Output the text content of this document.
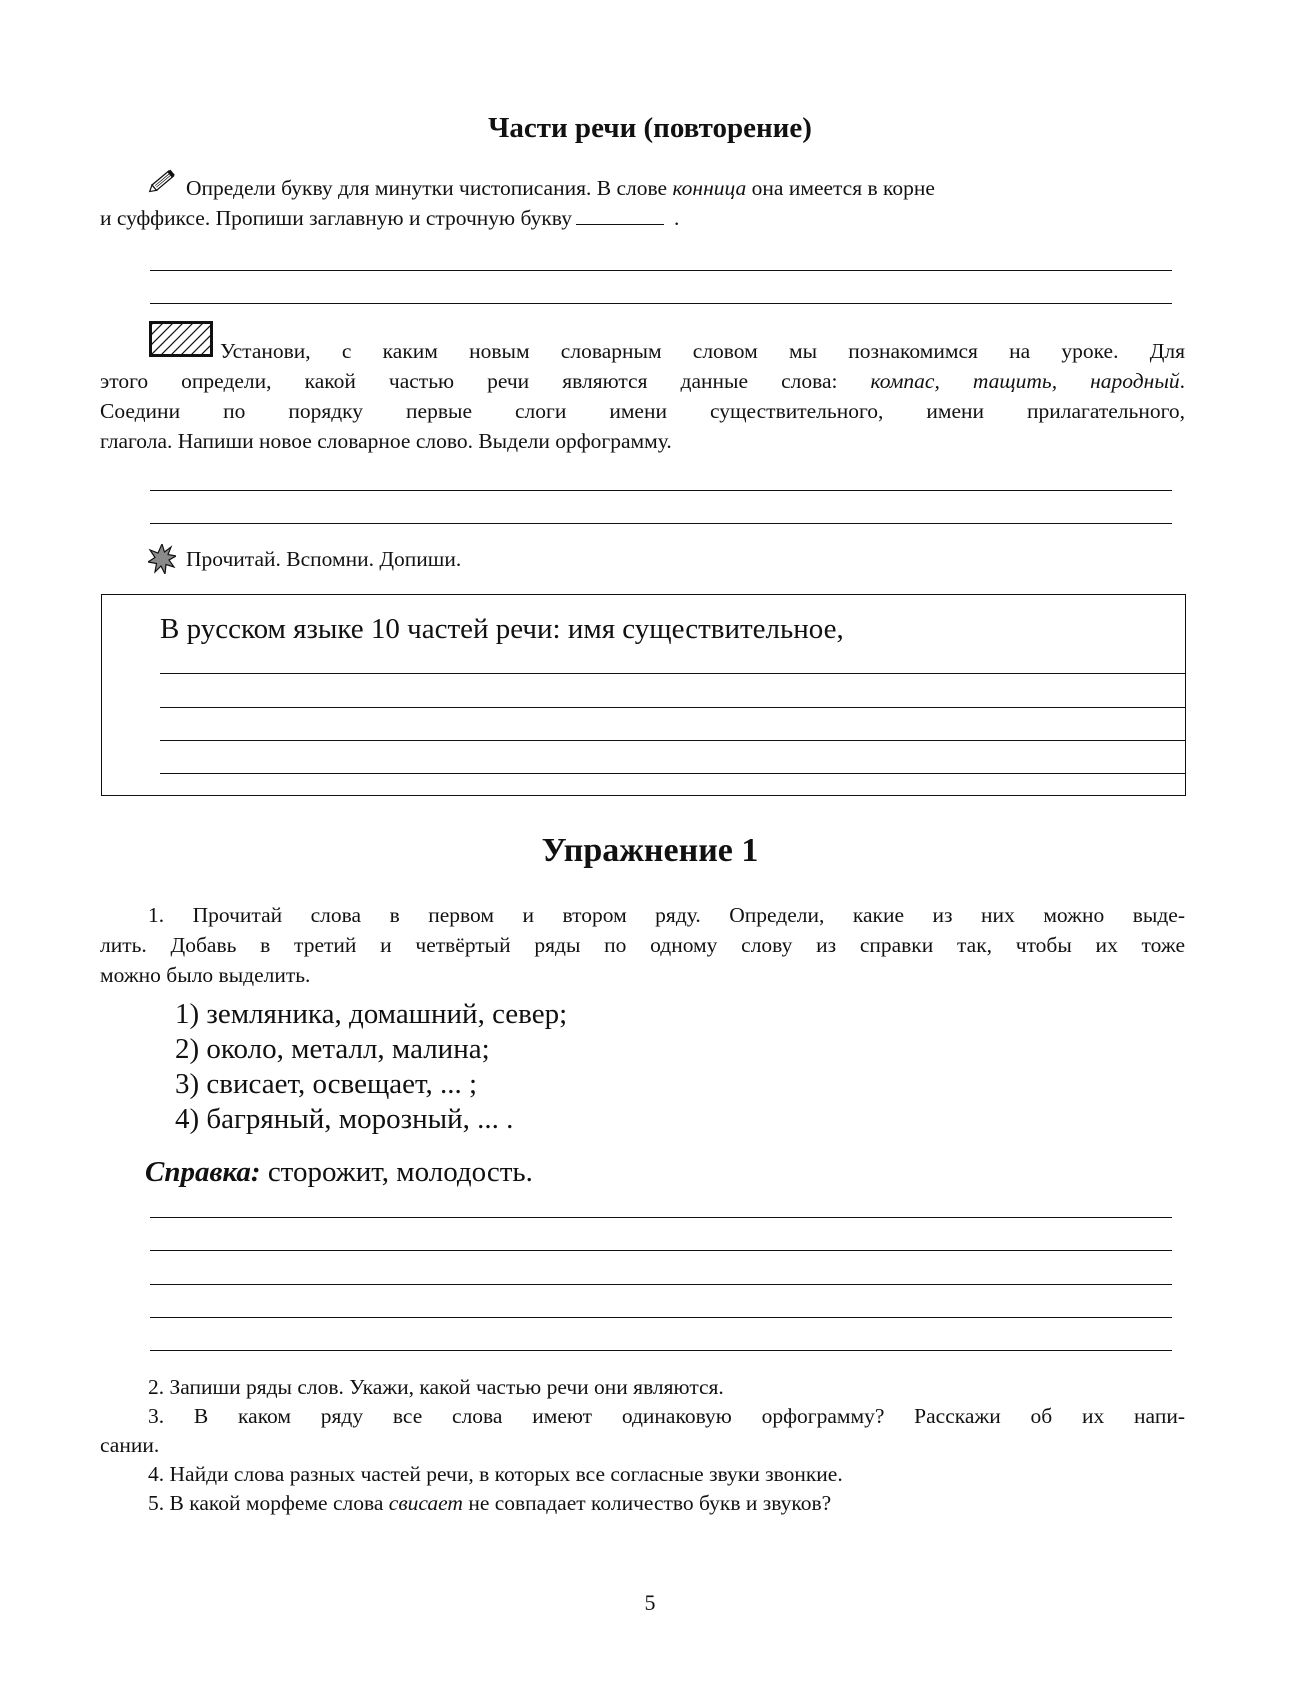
Части речи (повторение)
Определи букву для минутки чистописания. В слове конница она имеется в корне
и суффиксе. Пропиши заглавную и строчную букву	.
Установи, с каким новым словарным словом мы познакомимся на уроке. Для
этого определи, какой частью речи являются данные слова: компас, тащить, народный.
Соедини по порядку первые слоги имени существительного, имени прилагательного,
глагола. Напиши новое словарное слово. Выдели орфограмму.
Прочитай. Вспомни. Допиши.
В русском языке 10 частей речи: имя существительное,
Упражнение 1
1. Прочитай слова в первом и втором ряду. Определи, какие из них можно выде-
лить. Добавь в третий и четвёртый ряды по одному слову из справки так, чтобы их тоже
можно было выделить.
1) земляника, домашний, север;
2) около, металл, малина;
3) свисает, освещает, ... ;
4) багряный, морозный, ... .
Справка: сторожит, молодость.
2. Запиши ряды слов. Укажи, какой частью речи они являются.
3. В каком ряду все слова имеют одинаковую орфограмму? Расскажи об их напи-
сании.
4. Найди слова разных частей речи, в которых все согласные звуки звонкие.
5. В какой морфеме слова свисает не совпадает количество букв и звуков?
5
